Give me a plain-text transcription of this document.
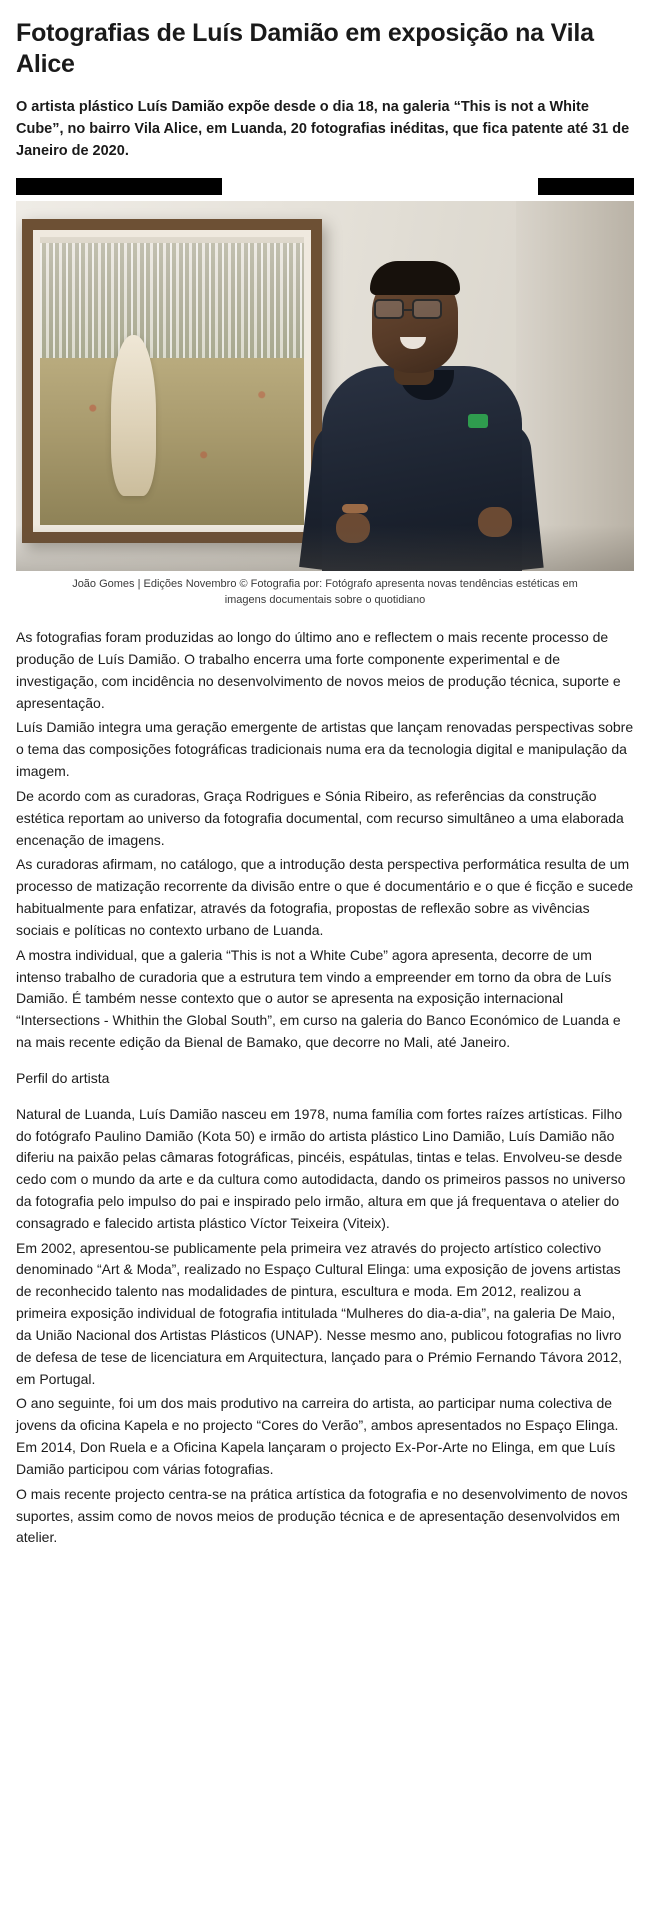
Fotografias de Luís Damião em exposição na Vila Alice

O artista plástico Luís Damião expõe desde o dia 18, na galeria “This is not a White Cube”, no bairro Vila Alice, em Luanda, 20 fotografias inéditas, que fica patente até 31 de Janeiro de 2020.

João Gomes | Edições Novembro © Fotografia por: Fotógrafo apresenta novas tendências estéticas em imagens documentais sobre o quotidiano

As fotografias foram produzidas ao longo do último ano e reflectem o mais recente processo de produção de Luís Damião. O trabalho encerra uma forte componente experimental e de investigação, com incidência no desenvolvimento de novos meios de produção técnica, suporte e apresentação.

Luís Damião integra uma geração emergente de artistas que lançam renovadas perspectivas sobre o tema das composições fotográficas tradicionais numa era da tecnologia digital e manipulação da imagem.

De acordo com as curadoras, Graça Rodrigues e Sónia Ribeiro, as referências da construção estética reportam ao universo da fotografia documental, com recurso simultâneo a uma elaborada encenação de imagens.

As curadoras afirmam, no catálogo, que a introdução desta perspectiva performática resulta de um processo de matização recorrente da divisão entre o que é documentário e o que é ficção e sucede habitualmente para enfatizar, através da fotografia, propostas de reflexão sobre as vivências sociais e políticas no contexto urbano de Luanda.

A mostra individual, que a galeria “This is not a White Cube” agora apresenta, decorre de um intenso trabalho de curadoria que a estrutura tem vindo a empreender em torno da obra de Luís Damião. É também nesse contexto que o autor se apresenta na exposição internacional “Intersections - Whithin the Global South”, em curso na galeria do Banco Económico de Luanda e na mais recente edição da Bienal de Bamako, que decorre no Mali, até Janeiro.

Perfil do artista

Natural de Luanda, Luís Damião nasceu em 1978, numa família com fortes raízes artísticas. Filho do fotógrafo Paulino Damião (Kota 50) e irmão do artista plástico Lino Damião, Luís Damião não diferiu na paixão pelas câmaras fotográficas, pincéis, espátulas, tintas e telas. Envolveu-se desde cedo com o mundo da arte e da cultura como autodidacta, dando os primeiros passos no universo da fotografia pelo impulso do pai e inspirado pelo irmão, altura em que já frequentava o atelier do consagrado e falecido artista plástico Víctor Teixeira (Viteix).

Em 2002, apresentou-se publicamente pela primeira vez através do projecto artístico colectivo denominado “Art & Moda”, realizado no Espaço Cultural Elinga: uma exposição de jovens artistas de reconhecido talento nas modalidades de pintura, escultura e moda. Em 2012, realizou a primeira exposição individual de fotografia intitulada “Mulheres do dia-a-dia”, na galeria De Maio, da União Nacional dos Artistas Plásticos (UNAP). Nesse mesmo ano, publicou fotografias no livro de defesa de tese de licenciatura em Arquitectura, lançado para o Prémio Fernando Távora 2012, em Portugal.

O ano seguinte, foi um dos mais produtivo na carreira do artista, ao participar numa colectiva de jovens da oficina Kapela e no projecto “Cores do Verão”, ambos apresentados no Espaço Elinga. Em 2014, Don Ruela e a Oficina Kapela lançaram o projecto Ex-Por-Arte no Elinga, em que Luís Damião participou com várias fotografias.

O mais recente projecto centra-se na prática artística da fotografia e no desenvolvimento de novos suportes, assim como de novos meios de produção técnica e de apresentação desenvolvidos em atelier.
